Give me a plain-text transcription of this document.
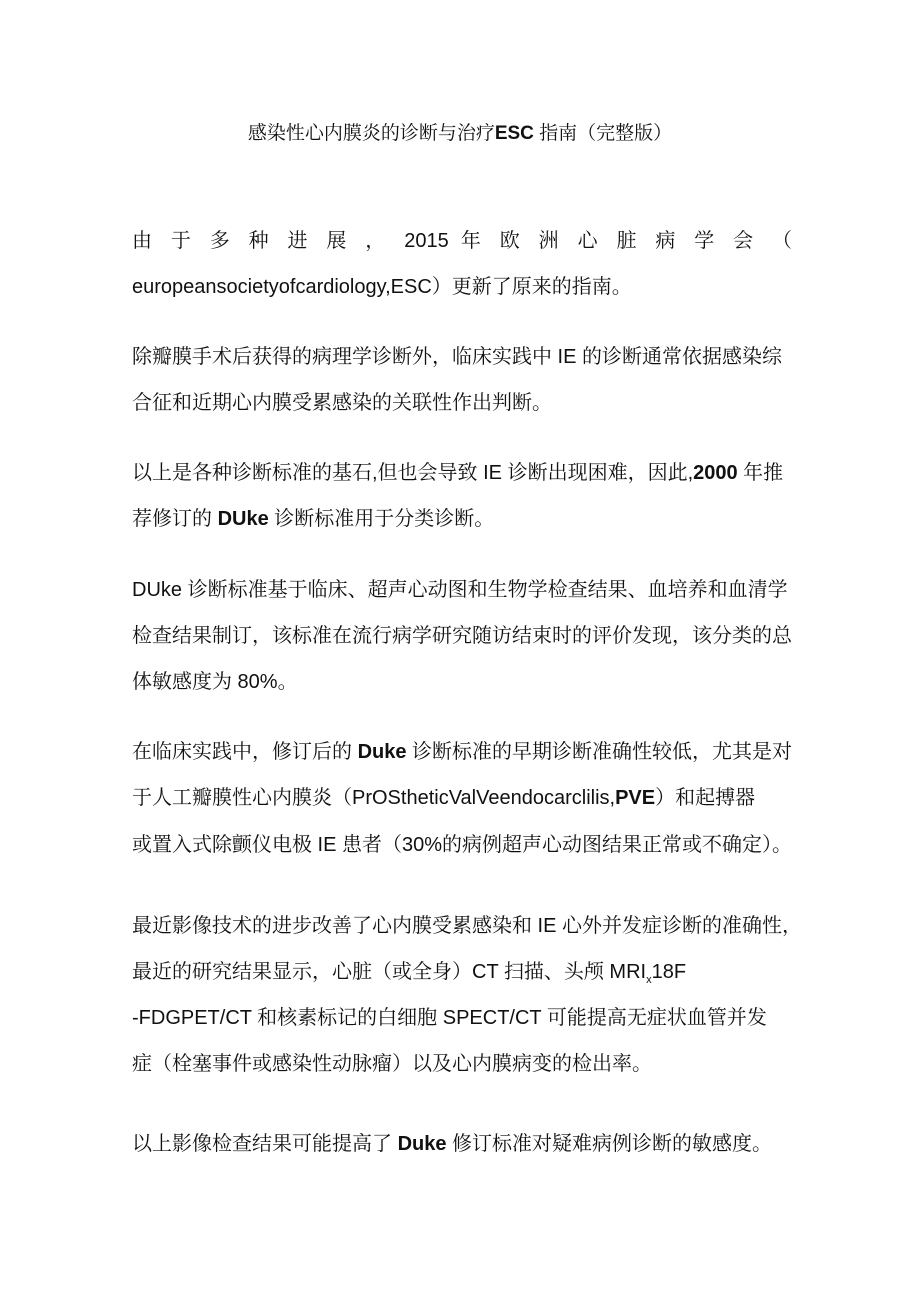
感染性心内膜炎的诊断与治疗ESC 指南（完整版）
由 于 多 种 进 展 ， 2015 年 欧 洲 心 脏 病 学 会 （
europeansocietyofcardiology,ESC）更新了原来的指南。
除瓣膜手术后获得的病理学诊断外，临床实践中 IE 的诊断通常依据感染综
合征和近期心内膜受累感染的关联性作出判断。
以上是各种诊断标准的基石,但也会导致 IE 诊断出现困难，因此,2000 年推
荐修订的 DUke 诊断标准用于分类诊断。
DUke 诊断标准基于临床、超声心动图和生物学检查结果、血培养和血清学
检查结果制订，该标准在流行病学研究随访结束时的评价发现，该分类的总
体敏感度为 80%。
在临床实践中，修订后的 Duke 诊断标准的早期诊断准确性较低，尤其是对
于人工瓣膜性心内膜炎（PrOStheticValVeendocarclilis,PVE）和起搏器
或置入式除颤仪电极 IE 患者（30%的病例超声心动图结果正常或不确定）。
最近影像技术的进步改善了心内膜受累感染和 IE 心外并发症诊断的准确性，
最近的研究结果显示，心脏（或全身）CT 扫描、头颅 $MRI_x18F$
-FDGPET/CT 和核素标记的白细胞 SPECT/CT 可能提高无症状血管并发
症（栓塞事件或感染性动脉瘤）以及心内膜病变的检出率。
以上影像检查结果可能提高了 Duke 修订标准对疑难病例诊断的敏感度。
